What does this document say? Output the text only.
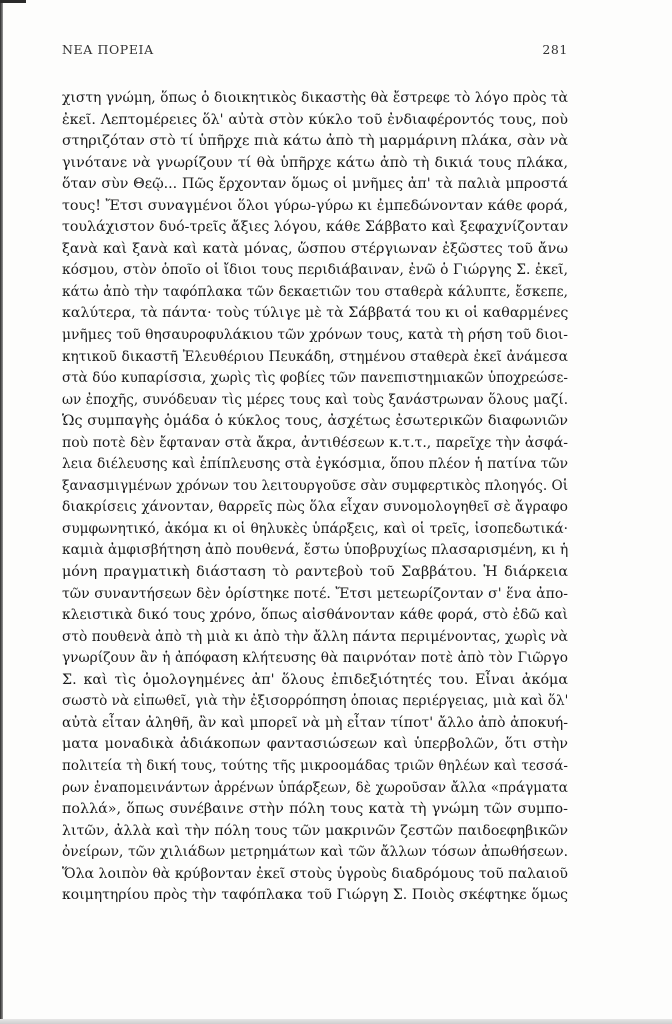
ΝΕΑ ΠΟΡΕΙΑ	281
χιστη γνώμη, ὅπως ὁ διοικητικὸς δικαστὴς θὰ ἔστρεφε τὸ λόγο πρὸς τὰ
ἐκεῖ. Λεπτομέρειες ὅλ' αὐτὰ στὸν κύκλο τοῦ ἐνδιαφέροντός τους, ποὺ
στηριζόταν στὸ τί ὑπῆρχε πιὰ κάτω ἀπὸ τὴ μαρμάρινη πλάκα, σὰν νὰ
γινότανε νὰ γνωρίζουν τί θὰ ὑπῆρχε κάτω ἀπὸ τὴ δικιά τους πλάκα,
ὅταν σὺν Θεῷ... Πῶς ἔρχονταν ὅμως οἱ μνῆμες ἀπ' τὰ παλιὰ μπροστά
τους! Ἔτσι συναγμένοι ὅλοι γύρω-γύρω κι ἐμπεδώνονταν κάθε φορά,
τουλάχιστον δυό-τρεῖς ἄξιες λόγου, κάθε Σάββατο καὶ ξεφαχνίζονταν
ξανὰ καὶ ξανὰ καὶ κατὰ μόνας, ὥσπου στέργιωναν ἐξῶστες τοῦ ἄνω
κόσμου, στὸν ὁποῖο οἱ ἴδιοι τους περιδιάβαιναν, ἐνῶ ὁ Γιώργης Σ. ἐκεῖ,
κάτω ἀπὸ τὴν ταφόπλακα τῶν δεκαετιῶν του σταθερὰ κάλυπτε, ἔσκεπε,
καλύτερα, τὰ πάντα· τοὺς τύλιγε μὲ τὰ Σάββατά του κι οἱ καθαρμένες
μνῆμες τοῦ θησαυροφυλάκιου τῶν χρόνων τους, κατὰ τὴ ρήση τοῦ διοι-
κητικοῦ δικαστῆ Ἐλευθέριου Πευκάδη, στημένου σταθερὰ ἐκεῖ ἀνάμεσα
στὰ δύο κυπαρίσσια, χωρὶς τὶς φοβίες τῶν πανεπιστημιακῶν ὑποχρεώσε-
ων ἐποχῆς, συνόδευαν τὶς μέρες τους καὶ τοὺς ξανάστρωναν ὅλους μαζί.
Ὡς συμπαγὴς ὁμάδα ὁ κύκλος τους, ἀσχέτως ἐσωτερικῶν διαφωνιῶν
ποὺ ποτὲ δὲν ἔφταναν στὰ ἄκρα, ἀντιθέσεων κ.τ.τ., παρεῖχε τὴν ἀσφά-
λεια διέλευσης καὶ ἐπίπλευσης στὰ ἐγκόσμια, ὅπου πλέον ἡ πατίνα τῶν
ξανασμιγμένων χρόνων του λειτουργοῦσε σὰν συμφερτικὸς πλοηγός. Οἱ
διακρίσεις χάνονταν, θαρρεῖς πὼς ὅλα εἶχαν συνομολογηθεῖ σὲ ἄγραφο
συμφωνητικό, ἀκόμα κι οἱ θηλυκὲς ὑπάρξεις, καὶ οἱ τρεῖς, ἰσοπεδωτικά·
καμιὰ ἀμφισβήτηση ἀπὸ πουθενά, ἔστω ὑποβρυχίως πλασαρισμένη, κι ἡ
μόνη πραγματικὴ διάσταση τὸ ραντεβοὺ τοῦ Σαββάτου. Ἡ διάρκεια
τῶν συναντήσεων δὲν ὁρίστηκε ποτέ. Ἔτσι μετεωρίζονταν σ' ἕνα ἀπο-
κλειστικὰ δικό τους χρόνο, ὅπως αἰσθάνονταν κάθε φορά, στὸ ἐδῶ καὶ
στὸ πουθενὰ ἀπὸ τὴ μιὰ κι ἀπὸ τὴν ἄλλη πάντα περιμένοντας, χωρὶς νὰ
γνωρίζουν ἂν ἡ ἀπόφαση κλήτευσης θὰ παιρνόταν ποτὲ ἀπὸ τὸν Γιῶργο
Σ. καὶ τὶς ὁμολογημένες ἀπ' ὅλους ἐπιδεξιότητές του. Εἶναι ἀκόμα
σωστὸ νὰ εἰπωθεῖ, γιὰ τὴν ἐξισορρόπηση ὁποιας περιέργειας, μιὰ καὶ ὅλ'
αὐτὰ εἶταν ἀληθῆ, ἂν καὶ μπορεῖ νὰ μὴ εἶταν τίποτ' ἄλλο ἀπὸ ἀποκυή-
ματα μοναδικὰ ἀδιάκοπων φαντασιώσεων καὶ ὑπερβολῶν, ὅτι στὴν
πολιτεία τὴ δική τους, τούτης τῆς μικροομάδας τριῶν θηλέων καὶ τεσσά-
ρων ἐναπομεινάντων ἀρρένων ὑπάρξεων, δὲ χωροῦσαν ἄλλα «πράγματα
πολλά», ὅπως συνέβαινε στὴν πόλη τους κατὰ τὴ γνώμη τῶν συμπο-
λιτῶν, ἀλλὰ καὶ τὴν πόλη τους τῶν μακρινῶν ζεστῶν παιδοεφηβικῶν
ὀνείρων, τῶν χιλιάδων μετρημάτων καὶ τῶν ἄλλων τόσων ἀπωθήσεων.
Ὅλα λοιπὸν θὰ κρύβονταν ἐκεῖ στοὺς ὑγροὺς διαδρόμους τοῦ παλαιοῦ
κοιμητηρίου πρὸς τὴν ταφόπλακα τοῦ Γιώργη Σ. Ποιὸς σκέφτηκε ὅμως
